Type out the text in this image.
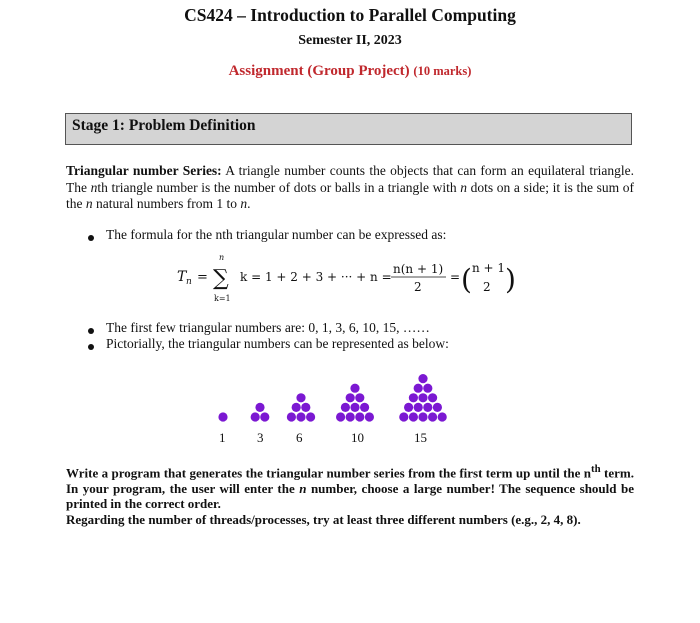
CS424 – Introduction to Parallel Computing
Semester II, 2023
Assignment (Group Project) (10 marks)
Stage 1: Problem Definition
Triangular number Series: A triangle number counts the objects that can form an equilateral triangle. The nth triangle number is the number of dots or balls in a triangle with n dots on a side; it is the sum of the n natural numbers from 1 to n.
The formula for the nth triangular number can be expressed as:
T n =
n
∑
k=1
k = 1 + 2 + 3 + ··· + n =
n(n + 1)
2
= ( n + 1
2 )
The first few triangular numbers are: 0, 1, 3, 6, 10, 15, ……
Pictorially, the triangular numbers can be represented as below:
1 3	6	10	15

Write a program that generates the triangular number series from the first term up until the $n^{th}$ term. In your program, the user will enter the n number, choose a large number! The sequence should be printed in the correct order.

Regarding the number of threads/processes, try at least three different numbers (e.g., 2, 4, 8).
